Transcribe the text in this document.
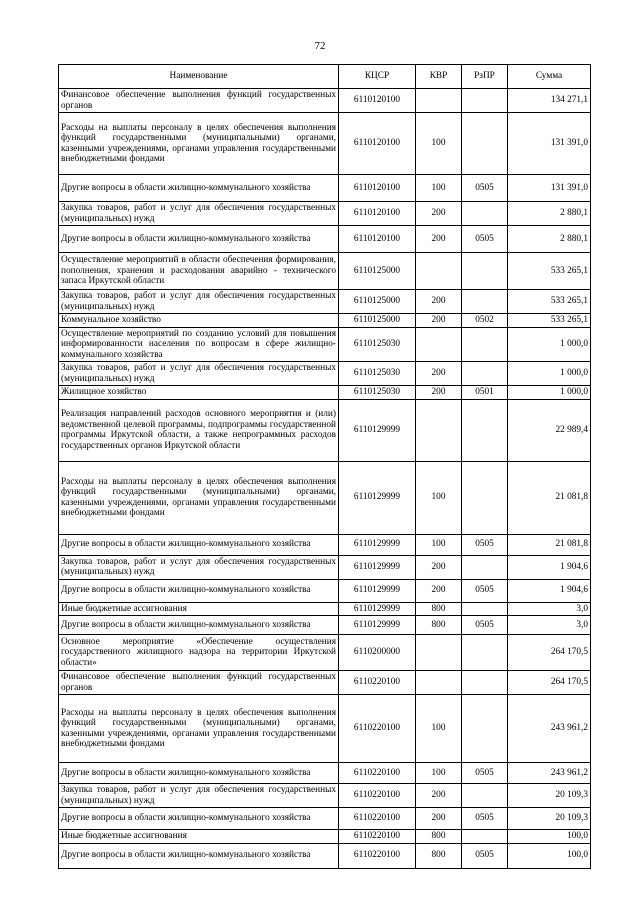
72
Наименование	КЦСР	КВР	РзПР	Сумма
Финансовое обеспечение выполнения функций государственных органов	6110120100			134 271,1
Расходы на выплаты персоналу в целях обеспечения выполнения функций государственными (муниципальными) органами, казенными учреждениями, органами управления государственными внебюджетными фондами	6110120100	100		131 391,0
Другие вопросы в области жилищно-коммунального хозяйства	6110120100	100	0505	131 391,0
Закупка товаров, работ и услуг для обеспечения государственных (муниципальных) нужд	6110120100	200		2 880,1
Другие вопросы в области жилищно-коммунального хозяйства	6110120100	200	0505	2 880,1
Осуществление мероприятий в области обеспечения формирования, пополнения, хранения и расходования аварийно - технического запаса Иркутской области	6110125000			533 265,1
Закупка товаров, работ и услуг для обеспечения государственных (муниципальных) нужд	6110125000	200		533 265,1
Коммунальное хозяйство	6110125000	200	0502	533 265,1
Осуществление мероприятий по созданию условий для повышения информированности населения по вопросам в сфере жилищно-коммунального хозяйства	6110125030			1 000,0
Закупка товаров, работ и услуг для обеспечения государственных (муниципальных) нужд	6110125030	200		1 000,0
Жилищное хозяйство	6110125030	200	0501	1 000,0
Реализация направлений расходов основного мероприятия и (или) ведомственной целевой программы, подпрограммы государственной программы Иркутской области, а также непрограммных расходов государственных органов Иркутской области	6110129999			22 989,4
Расходы на выплаты персоналу в целях обеспечения выполнения функций государственными (муниципальными) органами, казенными учреждениями, органами управления государственными внебюджетными фондами	6110129999	100		21 081,8
Другие вопросы в области жилищно-коммунального хозяйства	6110129999	100	0505	21 081,8
Закупка товаров, работ и услуг для обеспечения государственных (муниципальных) нужд	6110129999	200		1 904,6
Другие вопросы в области жилищно-коммунального хозяйства	6110129999	200	0505	1 904,6
Иные бюджетные ассигнования	6110129999	800		3,0
Другие вопросы в области жилищно-коммунального хозяйства	6110129999	800	0505	3,0
Основное мероприятие «Обеспечение осуществления государственного жилищного надзора на территории Иркутской области»	6110200000			264 170,5
Финансовое обеспечение выполнения функций государственных органов	6110220100			264 170,5
Расходы на выплаты персоналу в целях обеспечения выполнения функций государственными (муниципальными) органами, казенными учреждениями, органами управления государственными внебюджетными фондами	6110220100	100		243 961,2
Другие вопросы в области жилищно-коммунального хозяйства	6110220100	100	0505	243 961,2
Закупка товаров, работ и услуг для обеспечения государственных (муниципальных) нужд	6110220100	200		20 109,3
Другие вопросы в области жилищно-коммунального хозяйства	6110220100	200	0505	20 109,3
Иные бюджетные ассигнования	6110220100	800		100,0
Другие вопросы в области жилищно-коммунального хозяйства	6110220100	800	0505	100,0
